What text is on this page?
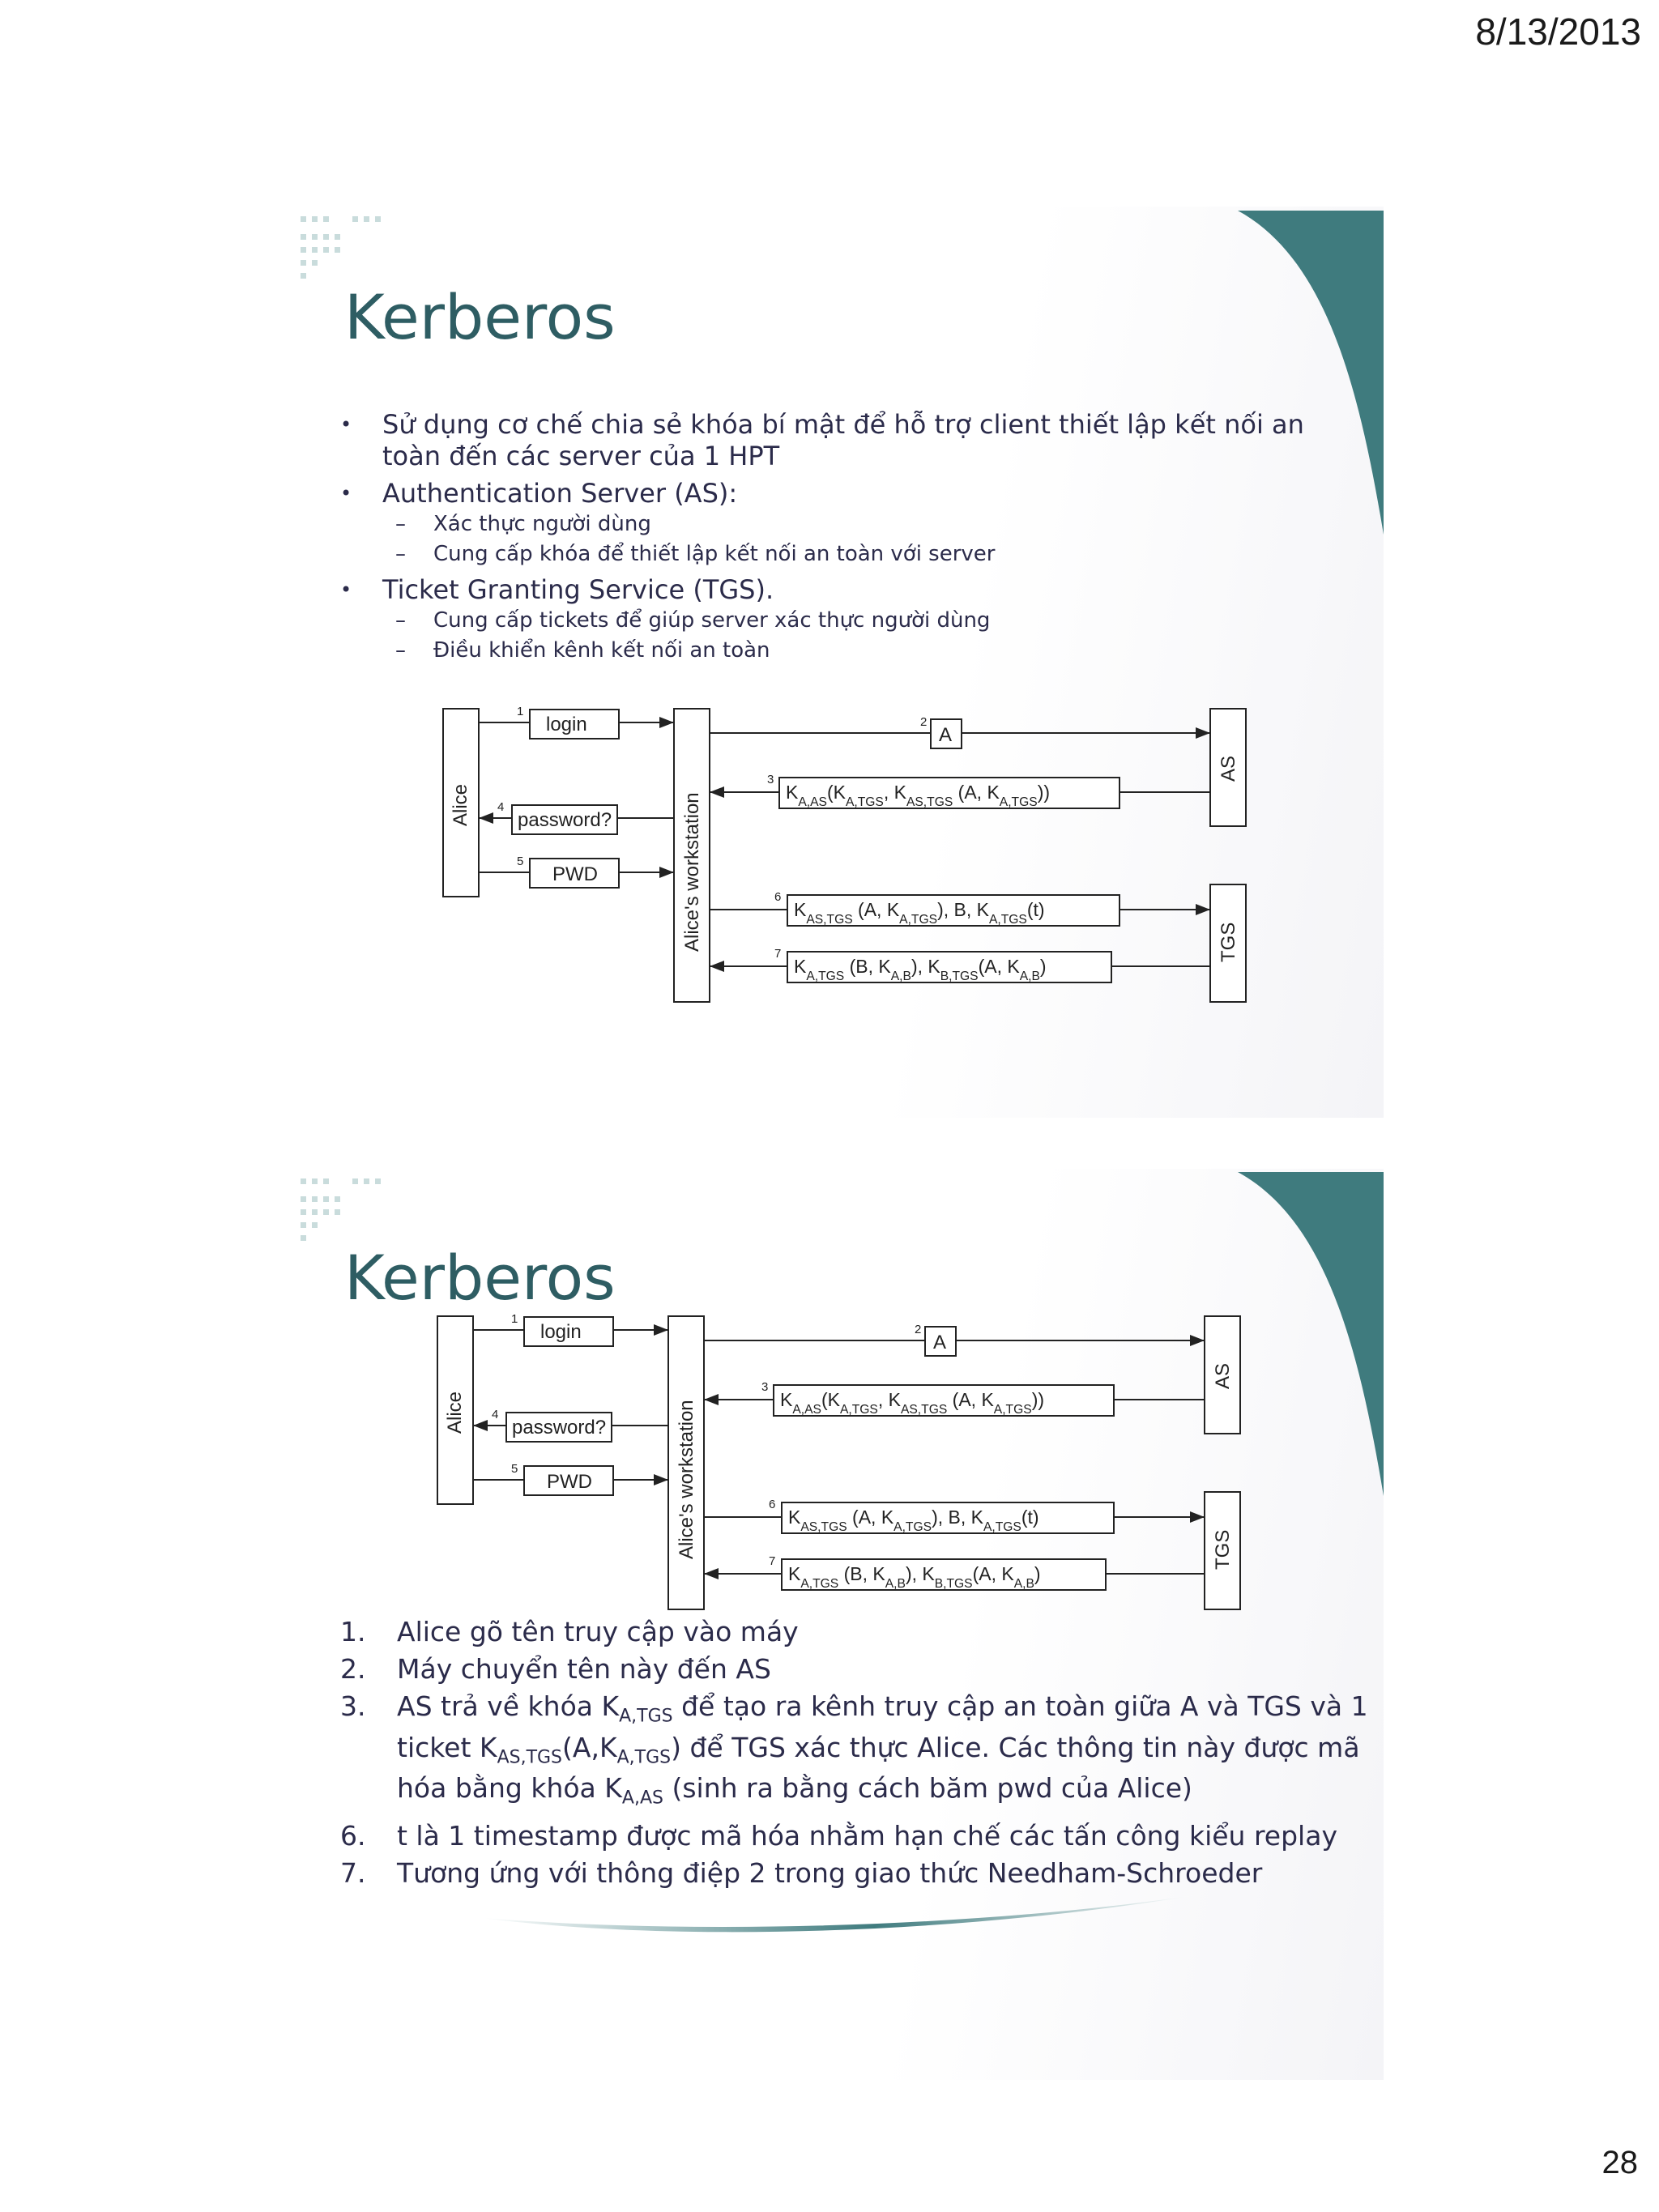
8/13/2013
Kerberos
• Sử dụng cơ chế chia sẻ khóa bí mật để hỗ trợ client thiết lập kết nối an toàn đến các server của 1 HPT
• Authentication Server (AS):
– Xác thực người dùng
– Cung cấp khóa để thiết lập kết nối an toàn với server
• Ticket Granting Service (TGS).
– Cung cấp tickets để giúp server xác thực người dùng
– Điều khiển kênh kết nối an toàn
Alice	Alice's workstation
AS
TGS
login
1
A
2
$K_{A,AS}(K_{A,TGS}$, $K_{AS,TGS}$ (A, $K_{A,TGS}$))
3
password?
4
PWD
5
$K_{AS,TGS}$ (A, $K_{A,TGS}$), B, $K_{A,TGS}(t)$
6
$K_{A,TGS}$ (B, $K_{A,B}$), $K_{B,TGS}(A$, $K_{A,B}$)
7
Kerberos
Alice	Alice's workstation
AS
TGS
login
1
A
2
$K_{A,AS}(K_{A,TGS}$, $K_{AS,TGS}$ (A, $K_{A,TGS}$))
3
password?
4
PWD
5
$K_{AS,TGS}$ (A, $K_{A,TGS}$), B, $K_{A,TGS}(t)$
6
$K_{A,TGS}$ (B, $K_{A,B}$), $K_{B,TGS}(A$, $K_{A,B}$)
7
1. Alice gõ tên truy cập vào máy
2. Máy chuyển tên này đến AS
3. AS trả về khóa $K_{A,TGS}$ để tạo ra kênh truy cập an toàn giữa A và TGS và 1 ticket $K_{AS,TGS}(A,K_{A,TGS})$ để TGS xác thực Alice. Các thông tin này được mã hóa bằng khóa $K_{A,AS}$ (sinh ra bằng cách băm pwd của Alice)
6. t là 1 timestamp được mã hóa nhằm hạn chế các tấn công kiểu replay
7. Tương ứng với thông điệp 2 trong giao thức Needham-Schroeder
28
